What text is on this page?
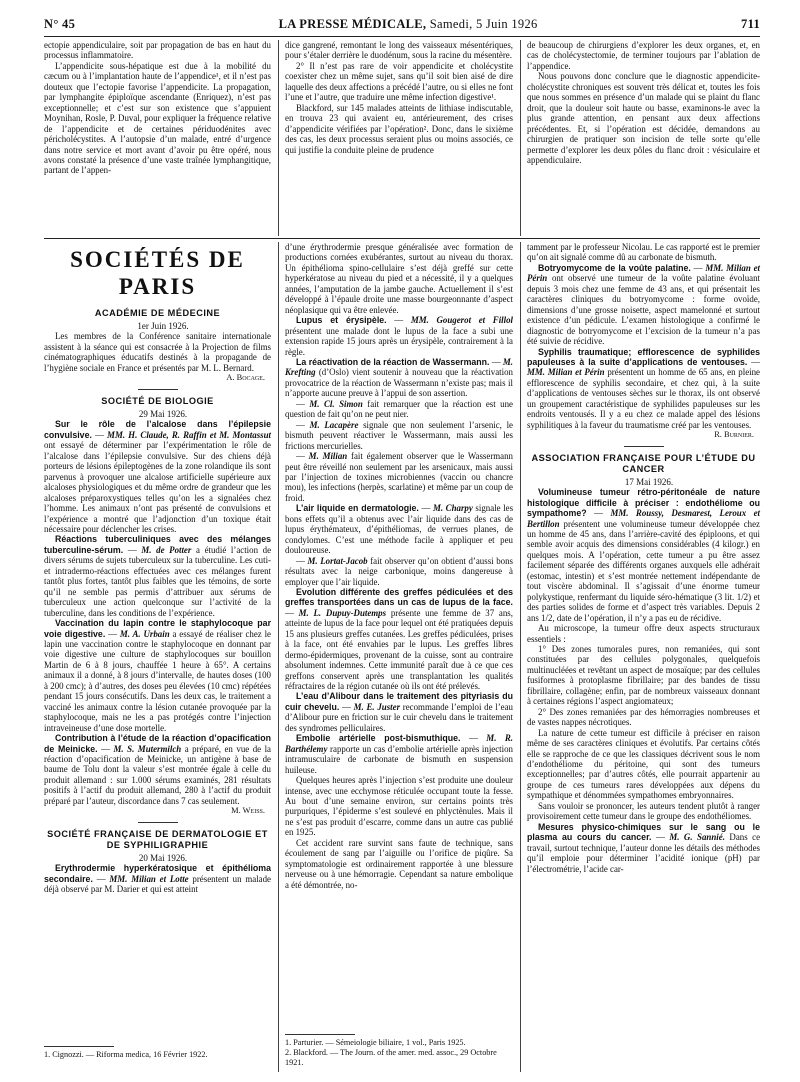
N° 45	LA PRESSE MÉDICALE, Samedi, 5 Juin 1926	711

ectopie appendiculaire, soit par propagation de bas en haut du processus inflammatoire.

L’appendicite sous-hépatique est due à la mobilité du cæcum ou à l’implantation haute de l’appendice¹, et il n’est pas douteux que l’ectopie favorise l’appendicite. La propagation, par lymphangite épiploïque ascendante (Enriquez), n’est pas exceptionnelle; et c’est sur son existence que s’appuient Moynihan, Rosle, P. Duval, pour expliquer la fréquence relative de l’appendicite et de certaines périduodénites avec péricholécystites. A l’autopsie d’un malade, entré d’urgence dans notre service et mort avant d’avoir pu être opéré, nous avons constaté la présence d’une vaste traînée lymphangitique, partant de l’appen-

dice gangrené, remontant le long des vaisseaux mésentériques, pour s’étaler derrière le duodénum, sous la racine du mésentère.

2° Il n’est pas rare de voir appendicite et cholécystite coexister chez un même sujet, sans qu’il soit bien aisé de dire laquelle des deux affections a précédé l’autre, ou si elles ne font l’une et l’autre, que traduire une même infection digestive¹.

Blackford, sur 145 malades atteints de lithiase indiscutable, en trouva 23 qui avaient eu, antérieurement, des crises d’appendicite vérifiées par l’opération². Donc, dans le sixième des cas, les deux processus seraient plus ou moins associés, ce qui justifie la conduite pleine de prudence

de beaucoup de chirurgiens d’explorer les deux organes, et, en cas de cholécystectomie, de terminer toujours par l’ablation de l’appendice.

Nous pouvons donc conclure que le diagnostic appendicite-cholécystite chroniques est souvent très délicat et, toutes les fois que nous sommes en présence d’un malade qui se plaint du flanc droit, que la douleur soit haute ou basse, examinons-le avec la plus grande attention, en pensant aux deux affections précédentes. Et, si l’opération est décidée, demandons au chirurgien de pratiquer son incision de telle sorte qu’elle permette d’explorer les deux pôles du flanc droit : vésiculaire et appendiculaire.

SOCIÉTÉS DE PARIS
ACADÉMIE DE MÉDECINE

1er Juin 1926.

Les membres de la Conférence sanitaire internationale assistent à la séance qui est consacrée à la Projection de films cinématographiques éducatifs destinés à la propagande de l’hygiène sociale en France et présentés par M. L. Bernard.

A. Bocage.
SOCIÉTÉ DE BIOLOGIE

29 Mai 1926.

Sur le rôle de l’alcalose dans l’épilepsie convulsive. — MM. H. Claude, R. Raffin et M. Montassut ont essayé de déterminer par l’expérimentation le rôle de l’alcalose dans l’épilepsie convulsive. Sur des chiens déjà porteurs de lésions épileptogènes de la zone rolandique ils sont parvenus à provoquer une alcalose artificielle supérieure aux alcaloses physiologiques et du même ordre de grandeur que les alcaloses préparoxystiques telles qu’on les a signalées chez l’homme. Les animaux n’ont pas présenté de convulsions et l’expérience a montré que l’adjonction d’un toxique était nécessaire pour déclencher les crises.

Réactions tuberculiniques avec des mélanges tuberculine-sérum. — M. de Potter a étudié l’action de divers sérums de sujets tuberculeux sur la tuberculine. Les cuti- et intradermo-réactions effectuées avec ces mélanges furent tantôt plus fortes, tantôt plus faibles que les témoins, de sorte qu’il ne semble pas permis d’attribuer aux sérums de tuberculeux une action quelconque sur l’activité de la tuberculine, dans les conditions de l’expérience.

Vaccination du lapin contre le staphylocoque par voie digestive. — M. A. Urbain a essayé de réaliser chez le lapin une vaccination contre le staphylocoque en donnant par voie digestive une culture de staphylocoques sur bouillon Martin de 6 à 8 jours, chauffée 1 heure à 65°. A certains animaux il a donné, à 8 jours d’intervalle, de hautes doses (100 à 200 cmc); à d’autres, des doses peu élevées (10 cmc) répétées pendant 15 jours consécutifs. Dans les deux cas, le traitement a vacciné les animaux contre la lésion cutanée provoquée par la staphylocoque, mais ne les a pas protégés contre l’injection intraveineuse d’une dose mortelle.

Contribution à l’étude de la réaction d’opacification de Meinicke. — M. S. Mutermilch a préparé, en vue de la réaction d’opacification de Meinicke, un antigène à base de baume de Tolu dont la valeur s’est montrée égale à celle du produit allemand : sur 1.000 sérums examinés, 281 résultats positifs à l’actif du produit allemand, 280 à l’actif du produit préparé par l’auteur, discordance dans 7 cas seulement.

M. Weiss.
SOCIÉTÉ FRANÇAISE DE DERMATOLOGIE ET DE SYPHILIGRAPHIE

20 Mai 1926.

Erythrodermie hyperkératosique et épithélioma secondaire. — MM. Milian et Lotte présentent un malade déjà observé par M. Darier et qui est atteint

1. Cignozzi. — Riforma medica, 16 Février 1922.

d’une érythrodermie presque généralisée avec formation de productions cornées exubérantes, surtout au niveau du thorax. Un épithélioma spino-cellulaire s’est déjà greffé sur cette hyperkératose au niveau du pied et a nécessité, il y a quelques années, l’amputation de la jambe gauche. Actuellement il s’est développé à l’épaule droite une masse bourgeonnante d’aspect néoplasique qui va être enlevée.

Lupus et érysipèle. — MM. Gougerot et Fillol présentent une malade dont le lupus de la face a subi une extension rapide 15 jours après un érysipèle, contrairement à la règle.

La réactivation de la réaction de Wassermann. — M. Krefting (d’Oslo) vient soutenir à nouveau que la réactivation provocatrice de la réaction de Wassermann n’existe pas; mais il n’apporte aucune preuve à l’appui de son assertion.

— M. Cl. Simon fait remarquer que la réaction est une question de fait qu’on ne peut nier.

— M. Lacapère signale que non seulement l’arsenic, le bismuth peuvent réactiver le Wassermann, mais aussi les frictions mercurielles.

— M. Milian fait également observer que le Wassermann peut être réveillé non seulement par les arsenicaux, mais aussi par l’injection de toxines microbiennes (vaccin ou chancre mou), les infections (herpès, scarlatine) et même par un coup de froid.

L’air liquide en dermatologie. — M. Charpy signale les bons effets qu’il a obtenus avec l’air liquide dans des cas de lupus érythémateux, d’épithéliomas, de verrues planes, de condylomes. C’est une méthode facile à appliquer et peu douloureuse.

— M. Lortat-Jacob fait observer qu’on obtient d’aussi bons résultats avec la neige carbonique, moins dangereuse à employer que l’air liquide.

Evolution différente des greffes pédiculées et des greffes transportées dans un cas de lupus de la face. — M. L. Dupuy-Dutemps présente une femme de 37 ans, atteinte de lupus de la face pour lequel ont été pratiquées depuis 15 ans plusieurs greffes cutanées. Les greffes pédiculées, prises à la face, ont été envahies par le lupus. Les greffes libres dermo-épidermiques, provenant de la cuisse, sont au contraire absolument indemnes. Cette immunité paraît due à ce que ces greffons conservent après une transplantation les qualités réfractaires de la région cutanée où ils ont été prélevés.

L’eau d’Alibour dans le traitement des pityriasis du cuir chevelu. — M. E. Juster recommande l’emploi de l’eau d’Alibour pure en friction sur le cuir chevelu dans le traitement des syndromes pelliculaires.

Embolie artérielle post-bismuthique. — M. R. Barthélemy rapporte un cas d’embolie artérielle après injection intramusculaire de carbonate de bismuth en suspension huileuse.

Quelques heures après l’injection s’est produite une douleur intense, avec une ecchymose réticulée occupant toute la fesse. Au bout d’une semaine environ, sur certains points très purpuriques, l’épiderme s’est soulevé en phlyctènules. Mais il ne s’est pas produit d’escarre, comme dans un autre cas publié en 1925.

Cet accident rare survint sans faute de technique, sans écoulement de sang par l’aiguille ou l’orifice de piqûre. Sa symptomatologie est ordinairement rapportée à une blessure nerveuse ou à une hémorragie. Cependant sa nature embolique a été démontrée, no-

1. Parturier. — Sémeiologie biliaire, 1 vol., Paris 1925.
2. Blackford. — The Journ. of the amer. med. assoc., 29 Octobre 1921.

tamment par le professeur Nicolau. Le cas rapporté est le premier qu’on ait signalé comme dû au carbonate de bismuth.

Botryomycome de la voûte palatine. — MM. Milian et Périn ont observé une tumeur de la voûte palatine évoluant depuis 3 mois chez une femme de 43 ans, et qui présentait les caractères cliniques du botryomycome : forme ovoïde, dimensions d’une grosse noisette, aspect mamelonné et surtout existence d’un pédicule. L’examen histologique a confirmé le diagnostic de botryomycome et l’excision de la tumeur n’a pas été suivie de récidive.

Syphilis traumatique; efflorescence de syphilides papuleuses à la suite d’applications de ventouses. — MM. Milian et Périn présentent un homme de 65 ans, en pleine efflorescence de syphilis secondaire, et chez qui, à la suite d’applications de ventouses sèches sur le thorax, ils ont observé un groupement caractéristique de syphilides papuleuses sur les endroits ventousés. Il y a eu chez ce malade appel des lésions syphilitiques à la faveur du traumatisme créé par les ventouses.

R. Burnier.
ASSOCIATION FRANÇAISE POUR L’ÉTUDE DU CANCER

17 Mai 1926.

Volumineuse tumeur rétro-péritonéale de nature histologique difficile à préciser : endothéliome ou sympathome? — MM. Roussy, Desmarest, Leroux et Bertillon présentent une volumineuse tumeur développée chez un homme de 45 ans, dans l’arrière-cavité des épiploons, et qui semble avoir acquis des dimensions considérables (4 kilogr.) en quelques mois. A l’opération, cette tumeur a pu être assez facilement séparée des différents organes auxquels elle adhérait (estomac, intestin) et s’est montrée nettement indépendante de tout viscère abdominal. Il s’agissait d’une énorme tumeur polykystique, renfermant du liquide séro-hématique (3 lit. 1/2) et des parties solides de forme et d’aspect très variables. Depuis 2 ans 1/2, date de l’opération, il n’y a pas eu de récidive.

Au microscope, la tumeur offre deux aspects structuraux essentiels :

1° Des zones tumorales pures, non remaniées, qui sont constituées par des cellules polygonales, quelquefois multinucléées et revêtant un aspect de mosaïque; par des cellules fusiformes à protoplasme fibrillaire; par des bandes de tissu fibrillaire, collagène; enfin, par de nombreux vaisseaux donnant à certaines régions l’aspect angiomateux;

2° Des zones remaniées par des hémorragies nombreuses et de vastes nappes nécrotiques.

La nature de cette tumeur est difficile à préciser en raison même de ses caractères cliniques et évolutifs. Par certains côtés elle se rapproche de ce que les classiques décrivent sous le nom d’endothéliome du péritoine, qui sont des tumeurs exceptionnelles; par d’autres côtés, elle pourrait appartenir au groupe de ces tumeurs rares développées aux dépens du sympathique et dénommées sympathomes embryonnaires.

Sans vouloir se prononcer, les auteurs tendent plutôt à ranger provisoirement cette tumeur dans le groupe des endothéliomes.

Mesures physico-chimiques sur le sang ou le plasma au cours du cancer. — M. G. Sannié. Dans ce travail, surtout technique, l’auteur donne les détails des méthodes qu’il emploie pour déterminer l’acidité ionique (pH) par l’électrométrie, l’acide car-
